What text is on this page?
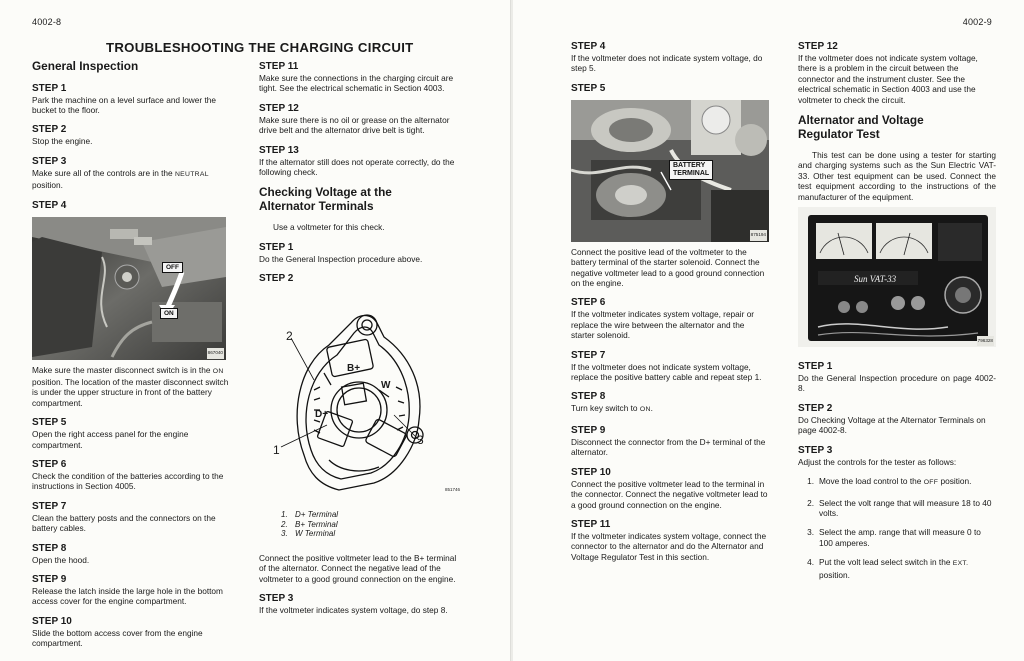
4002-8
TROUBLESHOOTING THE CHARGING CIRCUIT

General Inspection

STEP 1

Park the machine on a level surface and lower the bucket to the floor.

STEP 2

Stop the engine.

STEP 3

Make sure all of the controls are in the NEUTRAL position.

STEP 4

OFF
ON
867040

Make sure the master disconnect switch is in the ON position. The location of the master disconnect switch is under the upper structure in front of the battery compartment.

STEP 5

Open the right access panel for the engine compartment.

STEP 6

Check the condition of the batteries according to the instructions in Section 4005.

STEP 7

Clean the battery posts and the connectors on the battery cables.

STEP 8

Open the hood.

STEP 9

Release the latch inside the large hole in the bottom access cover for the engine compartment.

STEP 10

Slide the bottom access cover from the engine compartment.

STEP 11

Make sure the connections in the charging circuit are tight. See the electrical schematic in Section 4003.

STEP 12

Make sure there is no oil or grease on the alternator drive belt and the alternator drive belt is tight.

STEP 13

If the alternator still does not operate correctly, do the following check.

Checking Voltage at the
Alternator Terminals

Use a voltmeter for this check.

STEP 1

Do the General Inspection procedure above.

STEP 2

851746
1
2
3
B+
W
D+
1. D+ Terminal
2. B+ Terminal
3. W Terminal

Connect the positive voltmeter lead to the B+ terminal of the alternator. Connect the negative lead of the voltmeter to a good ground connection on the engine.

STEP 3

If the voltmeter indicates system voltage, do step 8.

4002-9

STEP 4

If the voltmeter does not indicate system voltage, do step 5.

STEP 5

BATTERY
TERMINAL
875194

Connect the positive lead of the voltmeter to the battery terminal of the starter solenoid. Connect the negative voltmeter lead to a good ground connection on the engine.

STEP 6

If the voltmeter indicates system voltage, repair or replace the wire between the alternator and the starter solenoid.

STEP 7

If the voltmeter does not indicate system voltage, replace the positive battery cable and repeat step 1.

STEP 8

Turn key switch to ON.

STEP 9

Disconnect the connector from the D+ terminal of the alternator.

STEP 10

Connect the positive voltmeter lead to the terminal in the connector. Connect the negative voltmeter lead to a good ground connection on the engine.

STEP 11

If the voltmeter indicates system voltage, connect the connector to the alternator and do the Alternator and Voltage Regulator Test in this section.

STEP 12

If the voltmeter does not indicate system voltage, there is a problem in the circuit between the connector and the instrument cluster. See the electrical schematic in Section 4003 and use the voltmeter to check the circuit.

Alternator and Voltage
Regulator Test

This test can be done using a tester for starting and charging systems such as the Sun Electric VAT-33. Other test equipment can be used. Connect the test equipment according to the instructions of the manufacturer of the equipment.

Sun VAT-33
796328

STEP 1

Do the General Inspection procedure on page 4002-8.

STEP 2

Do Checking Voltage at the Alternator Terminals on page 4002-8.

STEP 3

Adjust the controls for the tester as follows:

1. Move the load control to the OFF position.
2. Select the volt range that will measure 18 to 40 volts.
3. Select the amp. range that will measure 0 to 100 amperes.
4. Put the volt lead select switch in the EXT. position.
